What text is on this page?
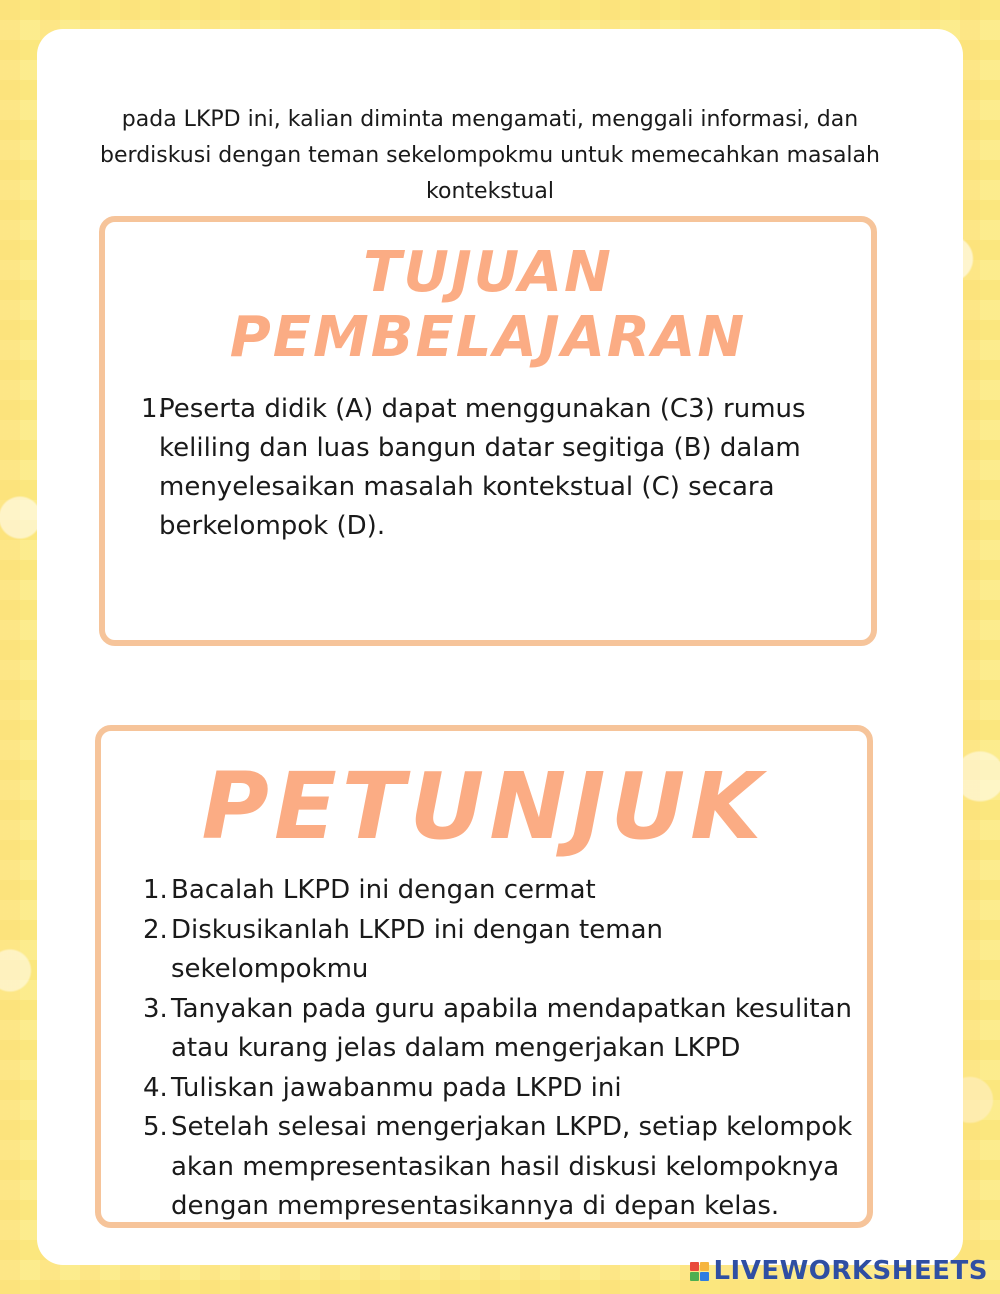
pada LKPD ini, kalian diminta mengamati, menggali informasi, dan berdiskusi dengan teman sekelompokmu untuk memecahkan masalah kontekstual

TUJUAN PEMBELAJARAN
1.
Peserta didik (A) dapat menggunakan (C3) rumus keliling dan luas bangun datar segitiga (B) dalam menyelesaikan masalah kontekstual (C) secara berkelompok (D).
PETUNJUK
1. Bacalah LKPD ini dengan cermat
2. Diskusikanlah LKPD ini dengan teman sekelompokmu
3. Tanyakan pada guru apabila mendapatkan kesulitan atau kurang jelas dalam mengerjakan LKPD
4. Tuliskan jawabanmu pada LKPD ini
5. Setelah selesai mengerjakan LKPD, setiap kelompok akan mempresentasikan hasil diskusi kelompoknya dengan mempresentasikannya di depan kelas.
LIVEWORKSHEETS
